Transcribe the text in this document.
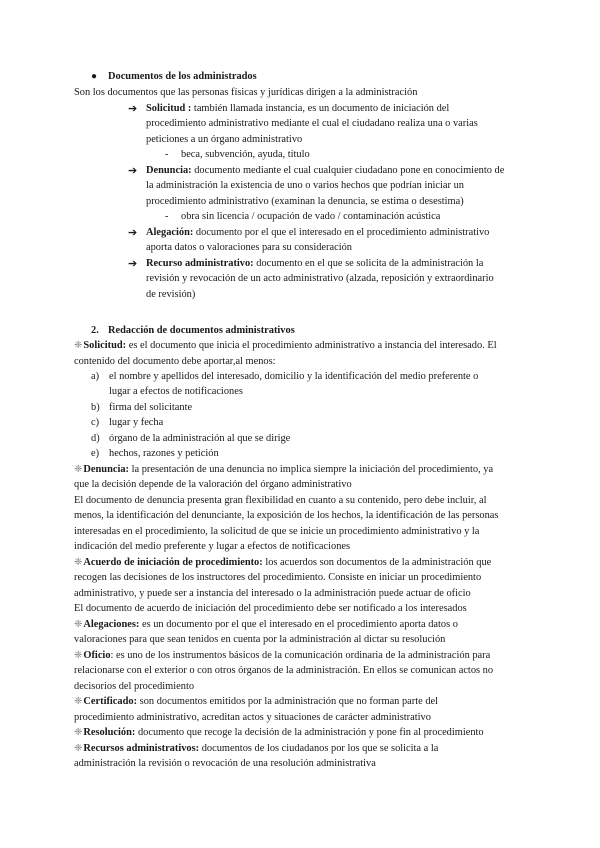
● Documentos de los administrados
Son los documentos que las personas físicas y jurídicas dirigen a la administración
➔ Solicitud : también llamada instancia, es un documento de iniciación del
procedimiento administrativo mediante el cual el ciudadano realiza una o varias
peticiones a un órgano administrativo
- beca, subvención, ayuda, título
➔ Denuncia: documento mediante el cual cualquier ciudadano pone en conocimiento de
la administración la existencia de uno o varios hechos que podrían iniciar un
procedimiento administrativo (examinan la denuncia, se estima o desestima)
- obra sin licencia / ocupación de vado / contaminación acústica
➔ Alegación: documento por el que el interesado en el procedimiento administrativo
aporta datos o valoraciones para su consideración
➔ Recurso administrativo: documento en el que se solicita de la administración la
revisión y revocación de un acto administrativo (alzada, reposición y extraordinario
de revisión)
2. Redacción de documentos administrativos
❈Solicitud: es el documento que inicia el procedimiento administrativo a instancia del interesado. El
contenido del documento debe aportar,al menos:
a) el nombre y apellidos del interesado, domicilio y la identificación del medio preferente o
lugar a efectos de notificaciones
b) firma del solicitante
c) lugar y fecha
d) órgano de la administración al que se dirige
e) hechos, razones y petición
❈Denuncia: la presentación de una denuncia no implica siempre la iniciación del procedimiento, ya
que la decisión depende de la valoración del órgano administrativo
El documento de denuncia presenta gran flexibilidad en cuanto a su contenido, pero debe incluir, al
menos, la identificación del denunciante, la exposición de los hechos, la identificación de las personas
interesadas en el procedimiento, la solicitud de que se inicie un procedimiento administrativo y la
indicación del medio preferente y lugar a efectos de notificaciones
❈Acuerdo de iniciación de procedimiento: los acuerdos son documentos de la administración que
recogen las decisiones de los instructores del procedimiento. Consiste en iniciar un procedimiento
administrativo, y puede ser a instancia del interesado o la administración puede actuar de oficio
El documento de acuerdo de iniciación del procedimiento debe ser notificado a los interesados
❈Alegaciones: es un documento por el que el interesado en el procedimiento aporta datos o
valoraciones para que sean tenidos en cuenta por la administración al dictar su resolución
❈Oficio: es uno de los instrumentos básicos de la comunicación ordinaria de la administración para
relacionarse con el exterior o con otros órganos de la administración. En ellos se comunican actos no
decisorios del procedimiento
❈Certificado: son documentos emitidos por la administración que no forman parte del
procedimiento administrativo, acreditan actos y situaciones de carácter administrativo
❈Resolución: documento que recoge la decisión de la administración y pone fin al procedimiento
❈Recursos administrativos: documentos de los ciudadanos por los que se solicita a la
administración la revisión o revocación de una resolución administrativa
